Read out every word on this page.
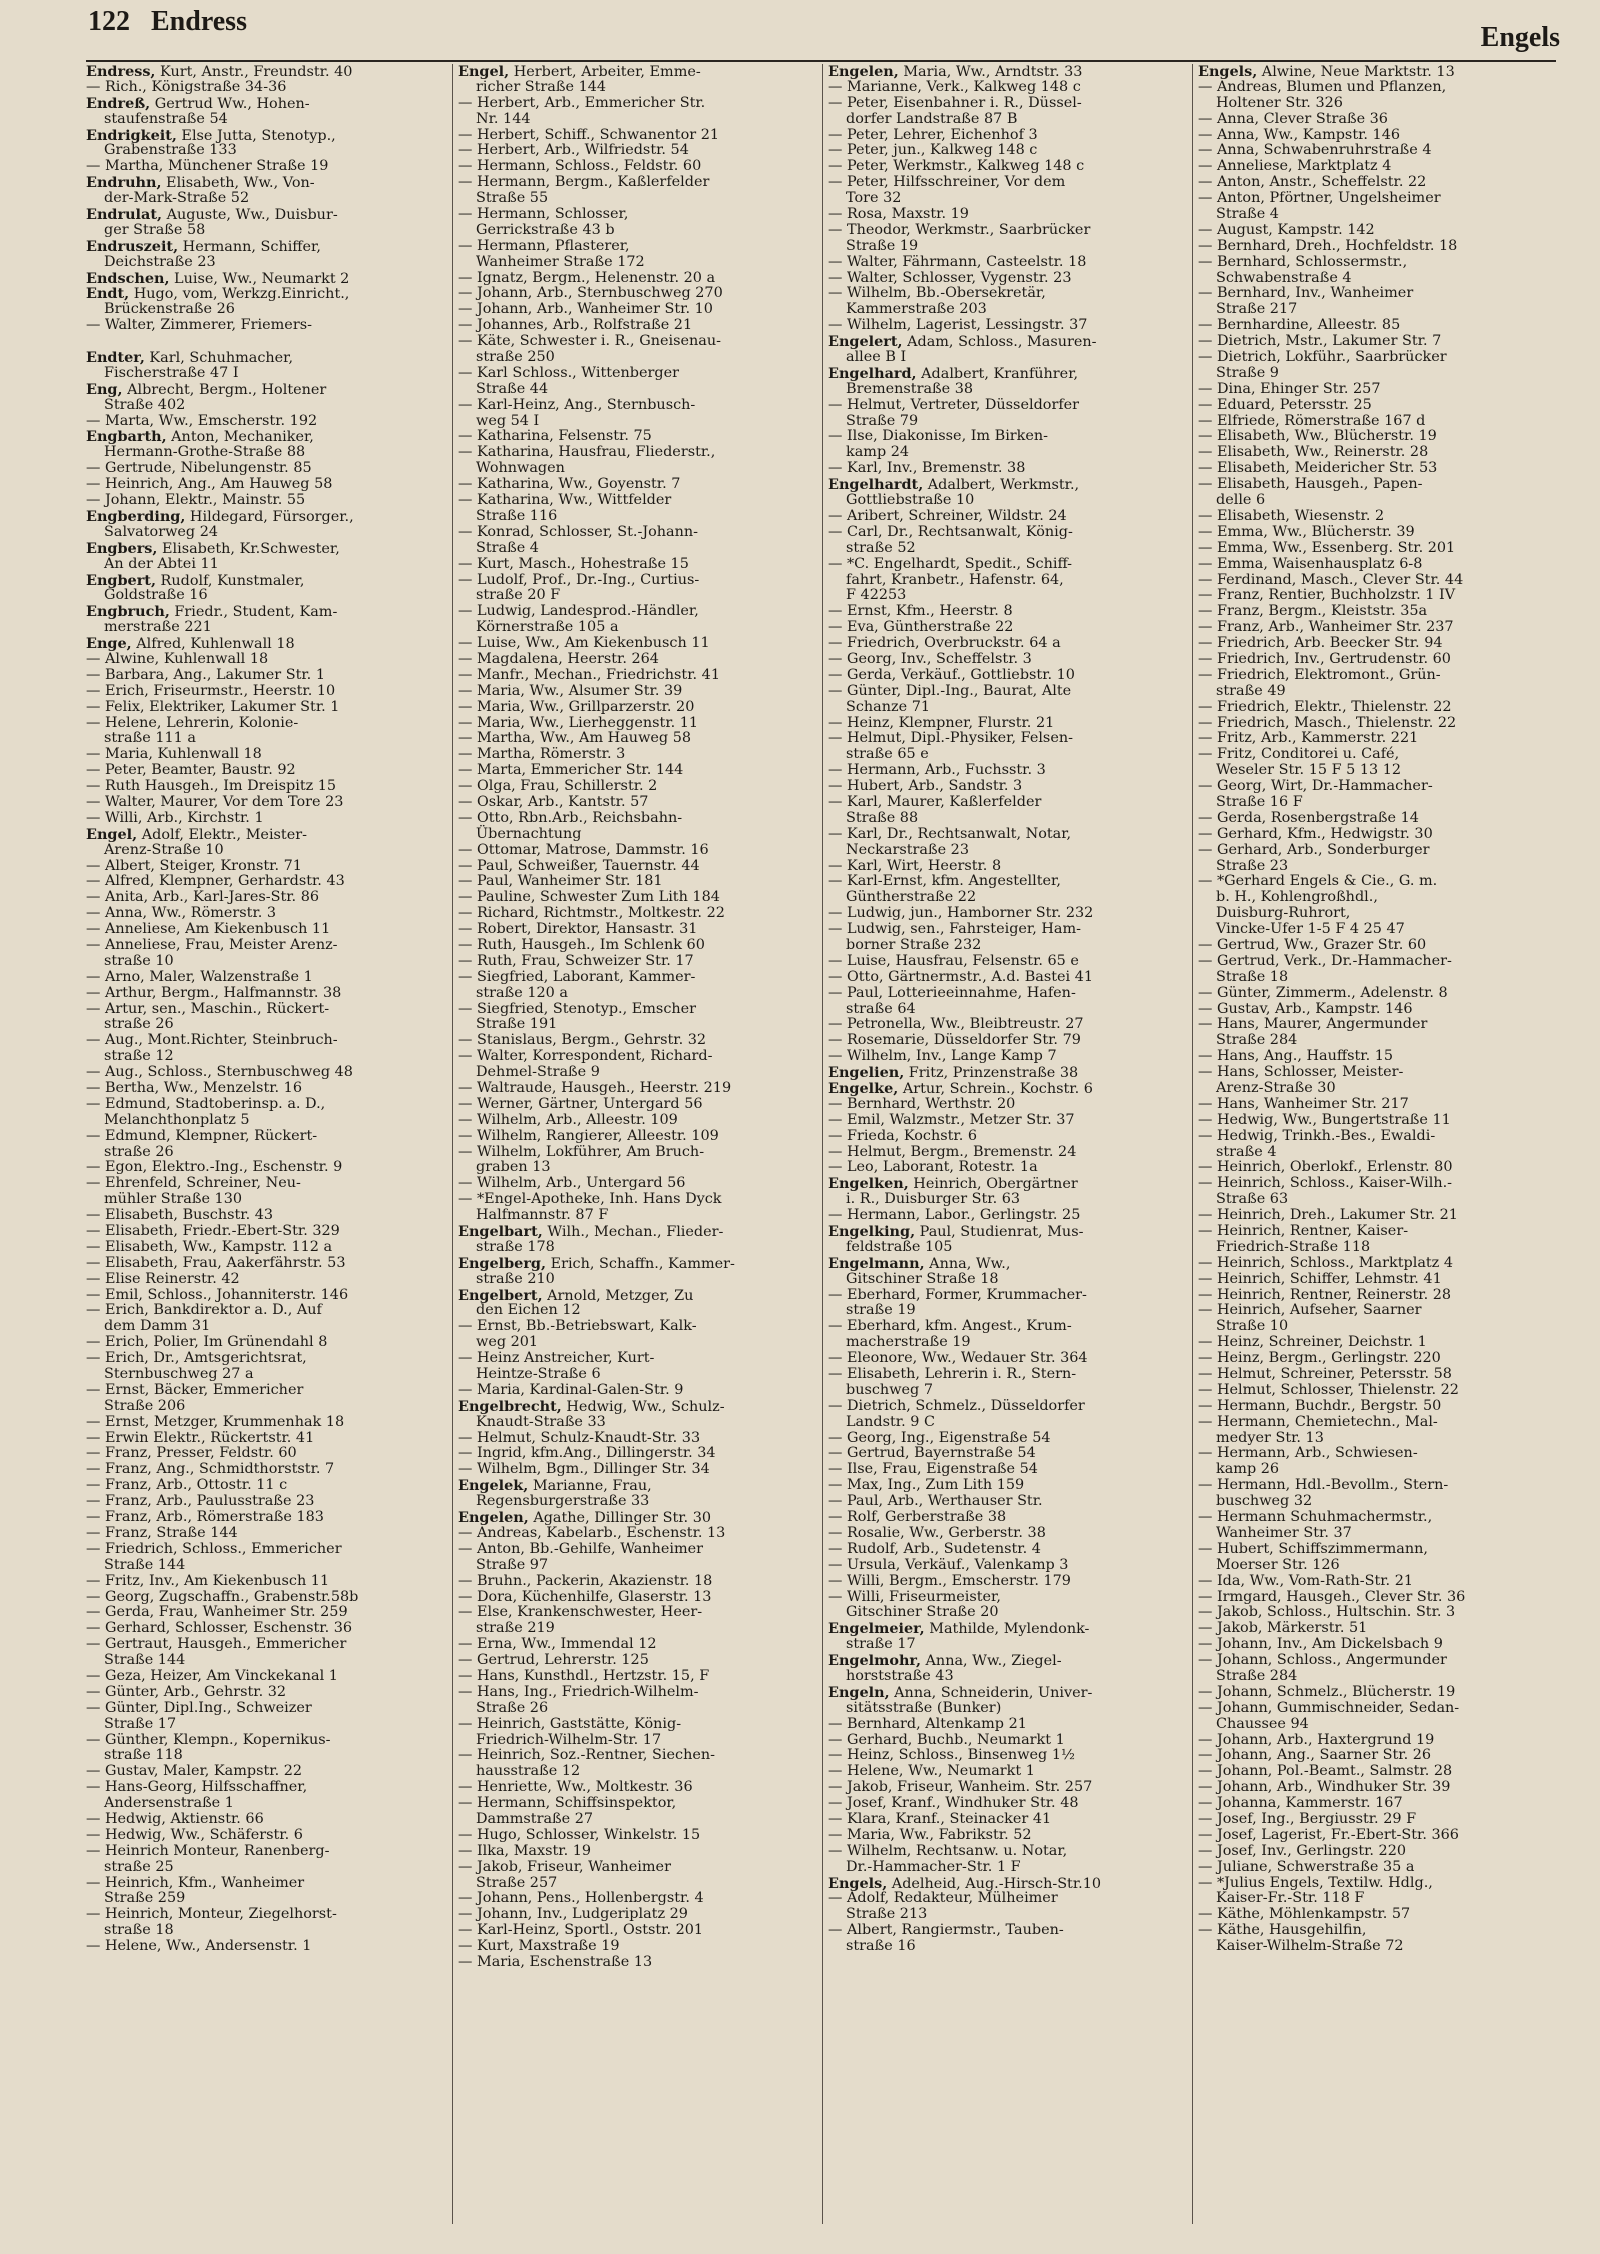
122 Endress
Engels
Endress, Kurt, Anstr., Freundstr. 40
— Rich., Königstraße 34-36
Endreß, Gertrud Ww., Hohen-
staufenstraße 54
Endrigkeit, Else Jutta, Stenotyp.,
Grabenstraße 133
— Martha, Münchener Straße 19
Endruhn, Elisabeth, Ww., Von-
der-Mark-Straße 52
Endrulat, Auguste, Ww., Duisbur-
ger Straße 58
Endruszeit, Hermann, Schiffer,
Deichstraße 23
Endschen, Luise, Ww., Neumarkt 2
Endt, Hugo, vom, Werkzg.Einricht.,
Brückenstraße 26
— Walter, Zimmerer, Friemers-

Endter, Karl, Schuhmacher,
Fischerstraße 47 I
Eng, Albrecht, Bergm., Holtener
Straße 402
— Marta, Ww., Emscherstr. 192
Engbarth, Anton, Mechaniker,
Hermann-Grothe-Straße 88
— Gertrude, Nibelungenstr. 85
— Heinrich, Ang., Am Hauweg 58
— Johann, Elektr., Mainstr. 55
Engberding, Hildegard, Fürsorger.,
Salvatorweg 24
Engbers, Elisabeth, Kr.Schwester,
An der Abtei 11
Engbert, Rudolf, Kunstmaler,
Goldstraße 16
Engbruch, Friedr., Student, Kam-
merstraße 221
Enge, Alfred, Kuhlenwall 18
— Alwine, Kuhlenwall 18
— Barbara, Ang., Lakumer Str. 1
— Erich, Friseurmstr., Heerstr. 10
— Felix, Elektriker, Lakumer Str. 1
— Helene, Lehrerin, Kolonie-
straße 111 a
— Maria, Kuhlenwall 18
— Peter, Beamter, Baustr. 92
— Ruth Hausgeh., Im Dreispitz 15
— Walter, Maurer, Vor dem Tore 23
— Willi, Arb., Kirchstr. 1
Engel, Adolf, Elektr., Meister-
Arenz-Straße 10
— Albert, Steiger, Kronstr. 71
— Alfred, Klempner, Gerhardstr. 43
— Anita, Arb., Karl-Jares-Str. 86
— Anna, Ww., Römerstr. 3
— Anneliese, Am Kiekenbusch 11
— Anneliese, Frau, Meister Arenz-
straße 10
— Arno, Maler, Walzenstraße 1
— Arthur, Bergm., Halfmannstr. 38
— Artur, sen., Maschin., Rückert-
straße 26
— Aug., Mont.Richter, Steinbruch-
straße 12
— Aug., Schloss., Sternbuschweg 48
— Bertha, Ww., Menzelstr. 16
— Edmund, Stadtoberinsp. a. D.,
Melanchthonplatz 5
— Edmund, Klempner, Rückert-
straße 26
— Egon, Elektro.-Ing., Eschenstr. 9
— Ehrenfeld, Schreiner, Neu-
mühler Straße 130
— Elisabeth, Buschstr. 43
— Elisabeth, Friedr.-Ebert-Str. 329
— Elisabeth, Ww., Kampstr. 112 a
— Elisabeth, Frau, Aakerfährstr. 53
— Elise Reinerstr. 42
— Emil, Schloss., Johanniterstr. 146
— Erich, Bankdirektor a. D., Auf
dem Damm 31
— Erich, Polier, Im Grünendahl 8
— Erich, Dr., Amtsgerichtsrat,
Sternbuschweg 27 a
— Ernst, Bäcker, Emmericher
Straße 206
— Ernst, Metzger, Krummenhak 18
— Erwin Elektr., Rückertstr. 41
— Franz, Presser, Feldstr. 60
— Franz, Ang., Schmidthorststr. 7
— Franz, Arb., Ottostr. 11 c
— Franz, Arb., Paulusstraße 23
— Franz, Arb., Römerstraße 183
— Franz, Straße 144
— Friedrich, Schloss., Emmericher
Straße 144
— Fritz, Inv., Am Kiekenbusch 11
— Georg, Zugschaffn., Grabenstr.58b
— Gerda, Frau, Wanheimer Str. 259
— Gerhard, Schlosser, Eschenstr. 36
— Gertraut, Hausgeh., Emmericher
Straße 144
— Geza, Heizer, Am Vinckekanal 1
— Günter, Arb., Gehrstr. 32
— Günter, Dipl.Ing., Schweizer
Straße 17
— Günther, Klempn., Kopernikus-
straße 118
— Gustav, Maler, Kampstr. 22
— Hans-Georg, Hilfsschaffner,
Andersenstraße 1
— Hedwig, Aktienstr. 66
— Hedwig, Ww., Schäferstr. 6
— Heinrich Monteur, Ranenberg-
straße 25
— Heinrich, Kfm., Wanheimer
Straße 259
— Heinrich, Monteur, Ziegelhorst-
straße 18
— Helene, Ww., Andersenstr. 1
Engel, Herbert, Arbeiter, Emme-
richer Straße 144
— Herbert, Arb., Emmericher Str.
Nr. 144
— Herbert, Schiff., Schwanentor 21
— Herbert, Arb., Wilfriedstr. 54
— Hermann, Schloss., Feldstr. 60
— Hermann, Bergm., Kaßlerfelder
Straße 55
— Hermann, Schlosser,
Gerrickstraße 43 b
— Hermann, Pflasterer,
Wanheimer Straße 172
— Ignatz, Bergm., Helenenstr. 20 a
— Johann, Arb., Sternbuschweg 270
— Johann, Arb., Wanheimer Str. 10
— Johannes, Arb., Rolfstraße 21
— Käte, Schwester i. R., Gneisenau-
straße 250
— Karl Schloss., Wittenberger
Straße 44
— Karl-Heinz, Ang., Sternbusch-
weg 54 I
— Katharina, Felsenstr. 75
— Katharina, Hausfrau, Fliederstr.,
Wohnwagen
— Katharina, Ww., Goyenstr. 7
— Katharina, Ww., Wittfelder
Straße 116
— Konrad, Schlosser, St.-Johann-
Straße 4
— Kurt, Masch., Hohestraße 15
— Ludolf, Prof., Dr.-Ing., Curtius-
straße 20 F
— Ludwig, Landesprod.-Händler,
Körnerstraße 105 a
— Luise, Ww., Am Kiekenbusch 11
— Magdalena, Heerstr. 264
— Manfr., Mechan., Friedrichstr. 41
— Maria, Ww., Alsumer Str. 39
— Maria, Ww., Grillparzerstr. 20
— Maria, Ww., Lierheggenstr. 11
— Martha, Ww., Am Hauweg 58
— Martha, Römerstr. 3
— Marta, Emmericher Str. 144
— Olga, Frau, Schillerstr. 2
— Oskar, Arb., Kantstr. 57
— Otto, Rbn.Arb., Reichsbahn-
Übernachtung
— Ottomar, Matrose, Dammstr. 16
— Paul, Schweißer, Tauernstr. 44
— Paul, Wanheimer Str. 181
— Pauline, Schwester Zum Lith 184
— Richard, Richtmstr., Moltkestr. 22
— Robert, Direktor, Hansastr. 31
— Ruth, Hausgeh., Im Schlenk 60
— Ruth, Frau, Schweizer Str. 17
— Siegfried, Laborant, Kammer-
straße 120 a
— Siegfried, Stenotyp., Emscher
Straße 191
— Stanislaus, Bergm., Gehrstr. 32
— Walter, Korrespondent, Richard-
Dehmel-Straße 9
— Waltraude, Hausgeh., Heerstr. 219
— Werner, Gärtner, Untergard 56
— Wilhelm, Arb., Alleestr. 109
— Wilhelm, Rangierer, Alleestr. 109
— Wilhelm, Lokführer, Am Bruch-
graben 13
— Wilhelm, Arb., Untergard 56
— *Engel-Apotheke, Inh. Hans Dyck
Halfmannstr. 87 F
Engelbart, Wilh., Mechan., Flieder-
straße 178
Engelberg, Erich, Schaffn., Kammer-
straße 210
Engelbert, Arnold, Metzger, Zu
den Eichen 12
— Ernst, Bb.-Betriebswart, Kalk-
weg 201
— Heinz Anstreicher, Kurt-
Heintze-Straße 6
— Maria, Kardinal-Galen-Str. 9
Engelbrecht, Hedwig, Ww., Schulz-
Knaudt-Straße 33
— Helmut, Schulz-Knaudt-Str. 33
— Ingrid, kfm.Ang., Dillingerstr. 34
— Wilhelm, Bgm., Dillinger Str. 34
Engelek, Marianne, Frau,
Regensburgerstraße 33
Engelen, Agathe, Dillinger Str. 30
— Andreas, Kabelarb., Eschenstr. 13
— Anton, Bb.-Gehilfe, Wanheimer
Straße 97
— Bruhn., Packerin, Akazienstr. 18
— Dora, Küchenhilfe, Glaserstr. 13
— Else, Krankenschwester, Heer-
straße 219
— Erna, Ww., Immendal 12
— Gertrud, Lehrerstr. 125
— Hans, Kunsthdl., Hertzstr. 15, F
— Hans, Ing., Friedrich-Wilhelm-
Straße 26
— Heinrich, Gaststätte, König-
Friedrich-Wilhelm-Str. 17
— Heinrich, Soz.-Rentner, Siechen-
hausstraße 12
— Henriette, Ww., Moltkestr. 36
— Hermann, Schiffsinspektor,
Dammstraße 27
— Hugo, Schlosser, Winkelstr. 15
— Ilka, Maxstr. 19
— Jakob, Friseur, Wanheimer
Straße 257
— Johann, Pens., Hollenbergstr. 4
— Johann, Inv., Ludgeriplatz 29
— Karl-Heinz, Sportl., Oststr. 201
— Kurt, Maxstraße 19
— Maria, Eschenstraße 13
Engelen, Maria, Ww., Arndtstr. 33
— Marianne, Verk., Kalkweg 148 c
— Peter, Eisenbahner i. R., Düssel-
dorfer Landstraße 87 B
— Peter, Lehrer, Eichenhof 3
— Peter, jun., Kalkweg 148 c
— Peter, Werkmstr., Kalkweg 148 c
— Peter, Hilfsschreiner, Vor dem
Tore 32
— Rosa, Maxstr. 19
— Theodor, Werkmstr., Saarbrücker
Straße 19
— Walter, Fährmann, Casteelstr. 18
— Walter, Schlosser, Vygenstr. 23
— Wilhelm, Bb.-Obersekretär,
Kammerstraße 203
— Wilhelm, Lagerist, Lessingstr. 37
Engelert, Adam, Schloss., Masuren-
allee B I
Engelhard, Adalbert, Kranführer,
Bremenstraße 38
— Helmut, Vertreter, Düsseldorfer
Straße 79
— Ilse, Diakonisse, Im Birken-
kamp 24
— Karl, Inv., Bremenstr. 38
Engelhardt, Adalbert, Werkmstr.,
Gottliebstraße 10
— Aribert, Schreiner, Wildstr. 24
— Carl, Dr., Rechtsanwalt, König-
straße 52
— *C. Engelhardt, Spedit., Schiff-
fahrt, Kranbetr., Hafenstr. 64,
F 42253
— Ernst, Kfm., Heerstr. 8
— Eva, Güntherstraße 22
— Friedrich, Overbruckstr. 64 a
— Georg, Inv., Scheffelstr. 3
— Gerda, Verkäuf., Gottliebstr. 10
— Günter, Dipl.-Ing., Baurat, Alte
Schanze 71
— Heinz, Klempner, Flurstr. 21
— Helmut, Dipl.-Physiker, Felsen-
straße 65 e
— Hermann, Arb., Fuchsstr. 3
— Hubert, Arb., Sandstr. 3
— Karl, Maurer, Kaßlerfelder
Straße 88
— Karl, Dr., Rechtsanwalt, Notar,
Neckarstraße 23
— Karl, Wirt, Heerstr. 8
— Karl-Ernst, kfm. Angestellter,
Güntherstraße 22
— Ludwig, jun., Hamborner Str. 232
— Ludwig, sen., Fahrsteiger, Ham-
borner Straße 232
— Luise, Hausfrau, Felsenstr. 65 e
— Otto, Gärtnermstr., A.d. Bastei 41
— Paul, Lotterieeinnahme, Hafen-
straße 64
— Petronella, Ww., Bleibtreustr. 27
— Rosemarie, Düsseldorfer Str. 79
— Wilhelm, Inv., Lange Kamp 7
Engelien, Fritz, Prinzenstraße 38
Engelke, Artur, Schrein., Kochstr. 6
— Bernhard, Werthstr. 20
— Emil, Walzmstr., Metzer Str. 37
— Frieda, Kochstr. 6
— Helmut, Bergm., Bremenstr. 24
— Leo, Laborant, Rotestr. 1a
Engelken, Heinrich, Obergärtner
i. R., Duisburger Str. 63
— Hermann, Labor., Gerlingstr. 25
Engelking, Paul, Studienrat, Mus-
feldstraße 105
Engelmann, Anna, Ww.,
Gitschiner Straße 18
— Eberhard, Former, Krummacher-
straße 19
— Eberhard, kfm. Angest., Krum-
macherstraße 19
— Eleonore, Ww., Wedauer Str. 364
— Elisabeth, Lehrerin i. R., Stern-
buschweg 7
— Dietrich, Schmelz., Düsseldorfer
Landstr. 9 C
— Georg, Ing., Eigenstraße 54
— Gertrud, Bayernstraße 54
— Ilse, Frau, Eigenstraße 54
— Max, Ing., Zum Lith 159
— Paul, Arb., Werthauser Str.
— Rolf, Gerberstraße 38
— Rosalie, Ww., Gerberstr. 38
— Rudolf, Arb., Sudetenstr. 4
— Ursula, Verkäuf., Valenkamp 3
— Willi, Bergm., Emscherstr. 179
— Willi, Friseurmeister,
Gitschiner Straße 20
Engelmeier, Mathilde, Mylendonk-
straße 17
Engelmohr, Anna, Ww., Ziegel-
horststraße 43
Engeln, Anna, Schneiderin, Univer-
sitätsstraße (Bunker)
— Bernhard, Altenkamp 21
— Gerhard, Buchb., Neumarkt 1
— Heinz, Schloss., Binsenweg 1½
— Helene, Ww., Neumarkt 1
— Jakob, Friseur, Wanheim. Str. 257
— Josef, Kranf., Windhuker Str. 48
— Klara, Kranf., Steinacker 41
— Maria, Ww., Fabrikstr. 52
— Wilhelm, Rechtsanw. u. Notar,
Dr.-Hammacher-Str. 1 F
Engels, Adelheid, Aug.-Hirsch-Str.10
— Adolf, Redakteur, Mülheimer
Straße 213
— Albert, Rangiermstr., Tauben-
straße 16
Engels, Alwine, Neue Marktstr. 13
— Andreas, Blumen und Pflanzen,
Holtener Str. 326
— Anna, Clever Straße 36
— Anna, Ww., Kampstr. 146
— Anna, Schwabenruhrstraße 4
— Anneliese, Marktplatz 4
— Anton, Anstr., Scheffelstr. 22
— Anton, Pförtner, Ungelsheimer
Straße 4
— August, Kampstr. 142
— Bernhard, Dreh., Hochfeldstr. 18
— Bernhard, Schlossermstr.,
Schwabenstraße 4
— Bernhard, Inv., Wanheimer
Straße 217
— Bernhardine, Alleestr. 85
— Dietrich, Mstr., Lakumer Str. 7
— Dietrich, Lokführ., Saarbrücker
Straße 9
— Dina, Ehinger Str. 257
— Eduard, Petersstr. 25
— Elfriede, Römerstraße 167 d
— Elisabeth, Ww., Blücherstr. 19
— Elisabeth, Ww., Reinerstr. 28
— Elisabeth, Meidericher Str. 53
— Elisabeth, Hausgeh., Papen-
delle 6
— Elisabeth, Wiesenstr. 2
— Emma, Ww., Blücherstr. 39
— Emma, Ww., Essenberg. Str. 201
— Emma, Waisenhausplatz 6-8
— Ferdinand, Masch., Clever Str. 44
— Franz, Rentier, Buchholzstr. 1 IV
— Franz, Bergm., Kleiststr. 35a
— Franz, Arb., Wanheimer Str. 237
— Friedrich, Arb. Beecker Str. 94
— Friedrich, Inv., Gertrudenstr. 60
— Friedrich, Elektromont., Grün-
straße 49
— Friedrich, Elektr., Thielenstr. 22
— Friedrich, Masch., Thielenstr. 22
— Fritz, Arb., Kammerstr. 221
— Fritz, Conditorei u. Café,
Weseler Str. 15 F 5 13 12
— Georg, Wirt, Dr.-Hammacher-
Straße 16 F
— Gerda, Rosenbergstraße 14
— Gerhard, Kfm., Hedwigstr. 30
— Gerhard, Arb., Sonderburger
Straße 23
— *Gerhard Engels & Cie., G. m.
b. H., Kohlengroßhdl.,
Duisburg-Ruhrort,
Vincke-Ufer 1-5 F 4 25 47
— Gertrud, Ww., Grazer Str. 60
— Gertrud, Verk., Dr.-Hammacher-
Straße 18
— Günter, Zimmerm., Adelenstr. 8
— Gustav, Arb., Kampstr. 146
— Hans, Maurer, Angermunder
Straße 284
— Hans, Ang., Hauffstr. 15
— Hans, Schlosser, Meister-
Arenz-Straße 30
— Hans, Wanheimer Str. 217
— Hedwig, Ww., Bungertstraße 11
— Hedwig, Trinkh.-Bes., Ewaldi-
straße 4
— Heinrich, Oberlokf., Erlenstr. 80
— Heinrich, Schloss., Kaiser-Wilh.-
Straße 63
— Heinrich, Dreh., Lakumer Str. 21
— Heinrich, Rentner, Kaiser-
Friedrich-Straße 118
— Heinrich, Schloss., Marktplatz 4
— Heinrich, Schiffer, Lehmstr. 41
— Heinrich, Rentner, Reinerstr. 28
— Heinrich, Aufseher, Saarner
Straße 10
— Heinz, Schreiner, Deichstr. 1
— Heinz, Bergm., Gerlingstr. 220
— Helmut, Schreiner, Petersstr. 58
— Helmut, Schlosser, Thielenstr. 22
— Hermann, Buchdr., Bergstr. 50
— Hermann, Chemietechn., Mal-
medyer Str. 13
— Hermann, Arb., Schwiesen-
kamp 26
— Hermann, Hdl.-Bevollm., Stern-
buschweg 32
— Hermann Schuhmachermstr.,
Wanheimer Str. 37
— Hubert, Schiffszimmermann,
Moerser Str. 126
— Ida, Ww., Vom-Rath-Str. 21
— Irmgard, Hausgeh., Clever Str. 36
— Jakob, Schloss., Hultschin. Str. 3
— Jakob, Märkerstr. 51
— Johann, Inv., Am Dickelsbach 9
— Johann, Schloss., Angermunder
Straße 284
— Johann, Schmelz., Blücherstr. 19
— Johann, Gummischneider, Sedan-
Chaussee 94
— Johann, Arb., Haxtergrund 19
— Johann, Ang., Saarner Str. 26
— Johann, Pol.-Beamt., Salmstr. 28
— Johann, Arb., Windhuker Str. 39
— Johanna, Kammerstr. 167
— Josef, Ing., Bergiusstr. 29 F
— Josef, Lagerist, Fr.-Ebert-Str. 366
— Josef, Inv., Gerlingstr. 220
— Juliane, Schwerstraße 35 a
— *Julius Engels, Textilw. Hdlg.,
Kaiser-Fr.-Str. 118 F
— Käthe, Möhlenkampstr. 57
— Käthe, Hausgehilfin,
Kaiser-Wilhelm-Straße 72
